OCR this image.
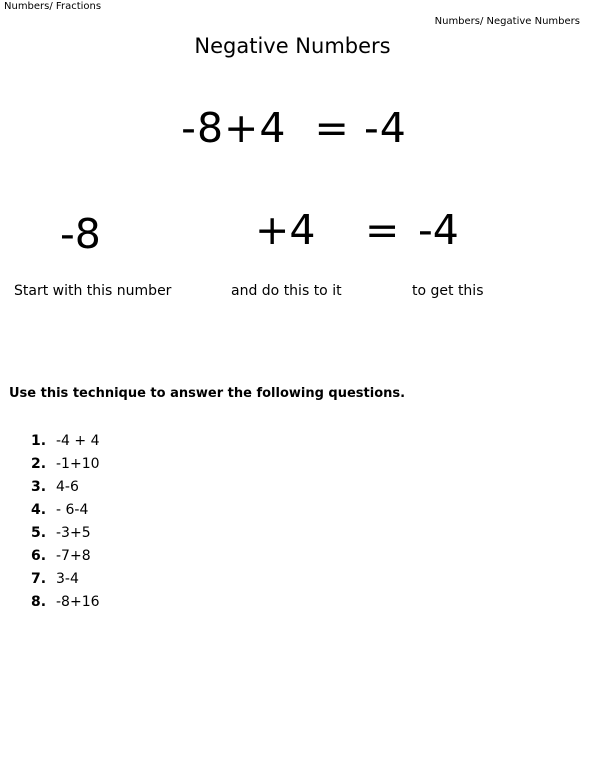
Numbers/ Fractions
Numbers/ Negative Numbers
Negative Numbers
-8+4  = -4
-8	+4 = -4
Start with this number	and do this to it	to get this
Use this technique to answer the following questions.
1. -4 + 4
2. -1+10
3. 4-6
4. - 6-4
5. -3+5
6. -7+8
7. 3-4
8. -8+16
